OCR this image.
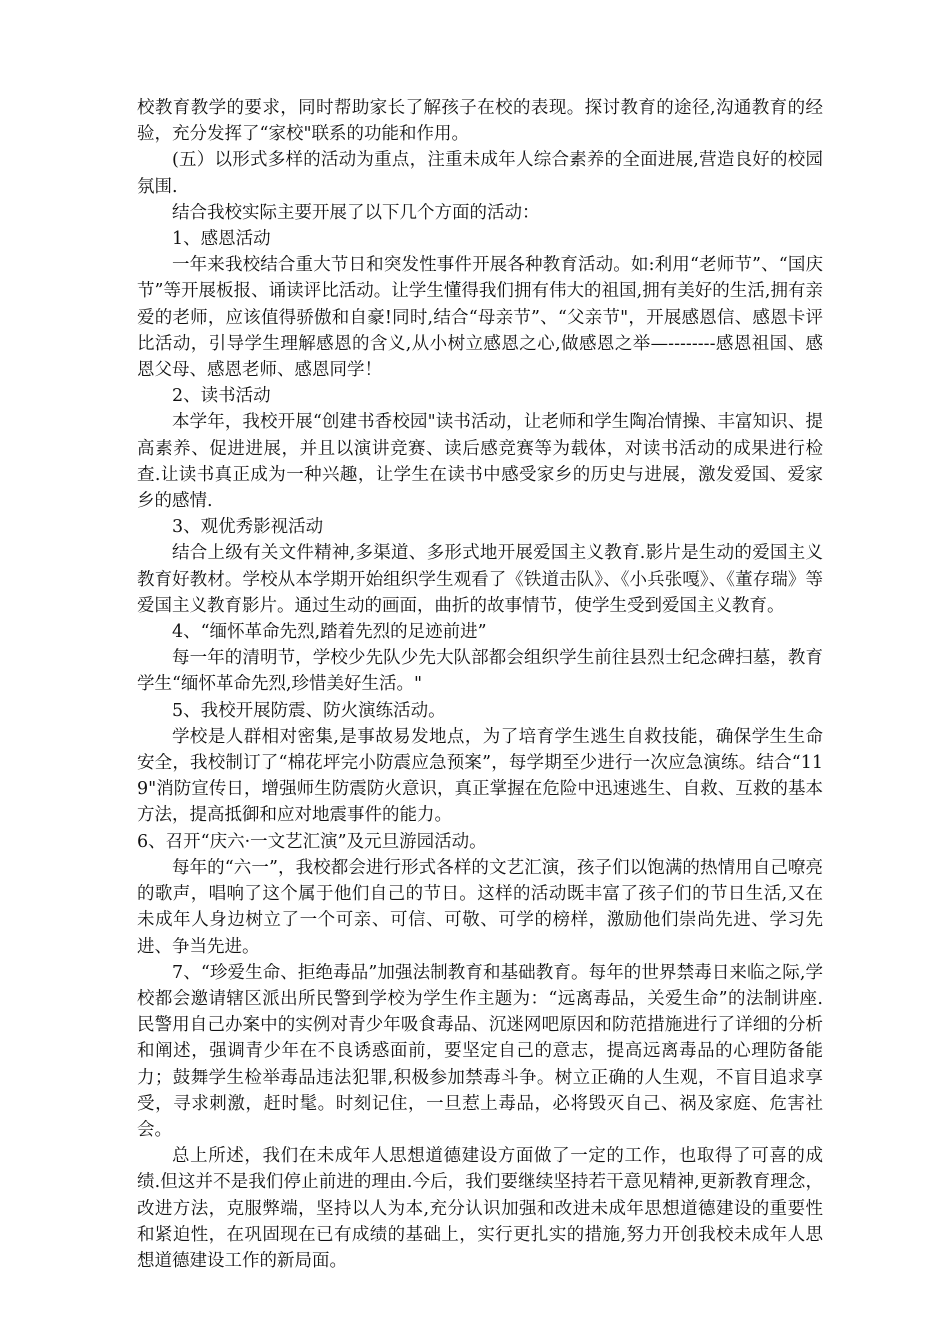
校教育教学的要求，同时帮助家长了解孩子在校的表现。探讨教育的途径,沟通教育的经验，充分发挥了“家校"联系的功能和作用。

(五）以形式多样的活动为重点，注重未成年人综合素养的全面进展,营造良好的校园氛围.

结合我校实际主要开展了以下几个方面的活动：

1、感恩活动

一年来我校结合重大节日和突发性事件开展各种教育活动。如:利用“老师节”、“国庆节”等开展板报、诵读评比活动。让学生懂得我们拥有伟大的祖国,拥有美好的生活,拥有亲爱的老师，应该值得骄傲和自豪!同时,结合“母亲节”、“父亲节"，开展感恩信、感恩卡评比活动，引导学生理解感恩的含义,从小树立感恩之心,做感恩之举—--------感恩祖国、感恩父母、感恩老师、感恩同学！

2、读书活动

本学年，我校开展“创建书香校园"读书活动，让老师和学生陶冶情操、丰富知识、提高素养、促进进展，并且以演讲竞赛、读后感竞赛等为载体，对读书活动的成果进行检查.让读书真正成为一种兴趣，让学生在读书中感受家乡的历史与进展，激发爱国、爱家乡的感情.

3、观优秀影视活动

结合上级有关文件精神,多渠道、多形式地开展爱国主义教育.影片是生动的爱国主义教育好教材。学校从本学期开始组织学生观看了《铁道击队》、《小兵张嘎》、《董存瑞》等爱国主义教育影片。通过生动的画面，曲折的故事情节，使学生受到爱国主义教育。

4、“缅怀革命先烈,踏着先烈的足迹前进”

每一年的清明节，学校少先队少先大队部都会组织学生前往县烈士纪念碑扫墓，教育学生“缅怀革命先烈,珍惜美好生活。"

5、我校开展防震、防火演练活动。

学校是人群相对密集,是事故易发地点，为了培育学生逃生自救技能，确保学生生命安全，我校制订了“棉花坪完小防震应急预案”，每学期至少进行一次应急演练。结合“119"消防宣传日，增强师生防震防火意识，真正掌握在危险中迅速逃生、自救、互救的基本方法，提高抵御和应对地震事件的能力。

6、召开“庆六·一文艺汇演”及元旦游园活动。

每年的“六一”，我校都会进行形式各样的文艺汇演，孩子们以饱满的热情用自己嘹亮的歌声，唱响了这个属于他们自己的节日。这样的活动既丰富了孩子们的节日生活,又在未成年人身边树立了一个可亲、可信、可敬、可学的榜样，激励他们崇尚先进、学习先进、争当先进。

7、“珍爱生命、拒绝毒品”加强法制教育和基础教育。每年的世界禁毒日来临之际,学校都会邀请辖区派出所民警到学校为学生作主题为：“远离毒品，关爱生命”的法制讲座.民警用自己办案中的实例对青少年吸食毒品、沉迷网吧原因和防范措施进行了详细的分析和阐述，强调青少年在不良诱惑面前，要坚定自己的意志，提高远离毒品的心理防备能力；鼓舞学生检举毒品违法犯罪,积极参加禁毒斗争。树立正确的人生观，不盲目追求享受，寻求刺激，赶时髦。时刻记住，一旦惹上毒品，必将毁灭自己、祸及家庭、危害社会。

总上所述，我们在未成年人思想道德建设方面做了一定的工作，也取得了可喜的成绩.但这并不是我们停止前进的理由.今后，我们要继续坚持若干意见精神,更新教育理念，改进方法，克服弊端，坚持以人为本,充分认识加强和改进未成年思想道德建设的重要性和紧迫性，在巩固现在已有成绩的基础上，实行更扎实的措施,努力开创我校未成年人思想道德建设工作的新局面。
